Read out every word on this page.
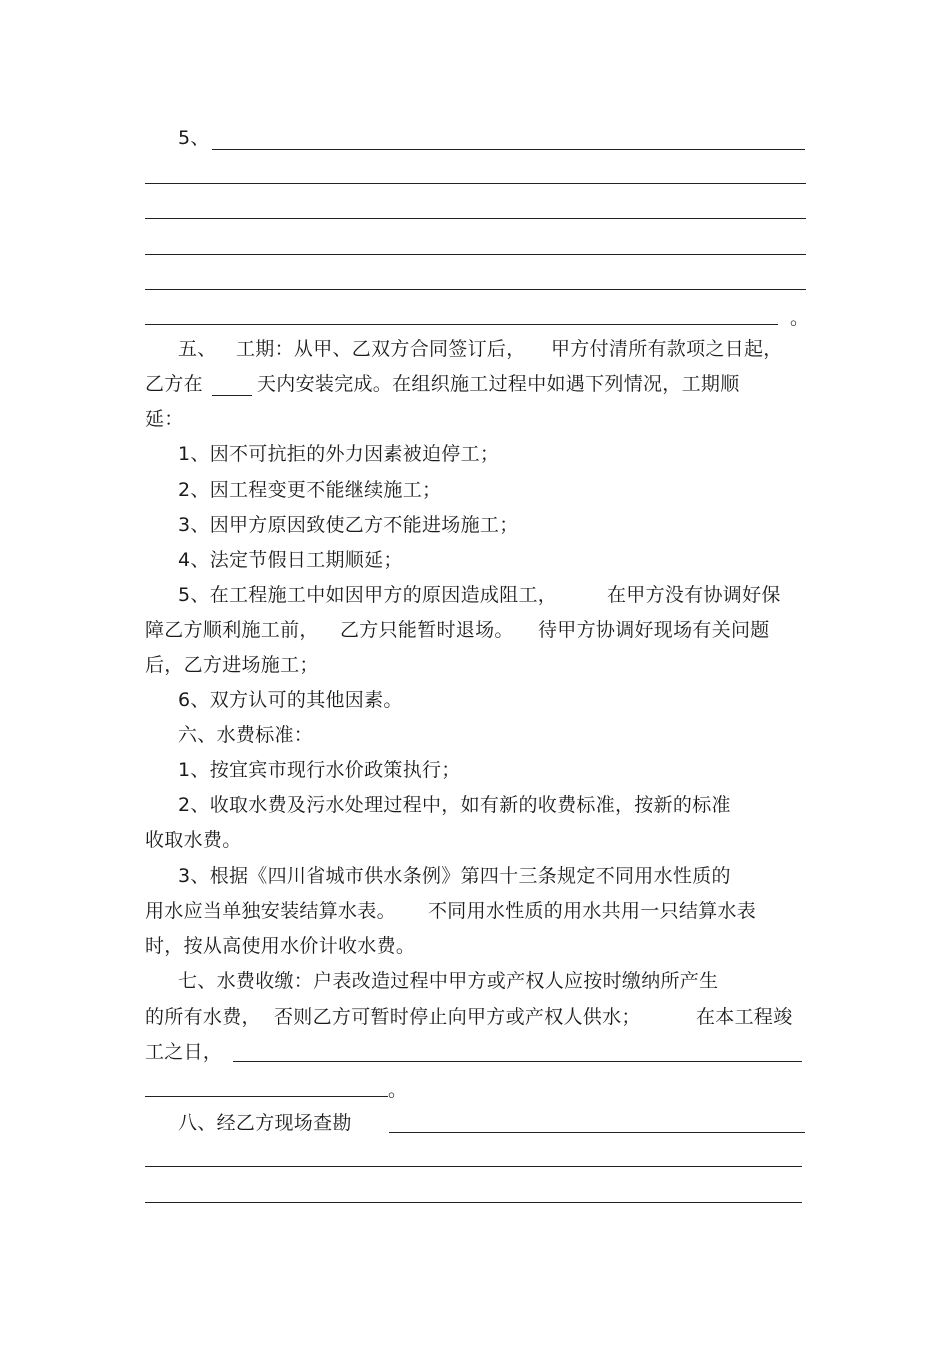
5、
。
五、 工期：从甲、乙双方合同签订后， 甲方付清所有款项之日起，
乙方在	天内安装完成。在组织施工过程中如遇下列情况，工期顺
延：
1、因不可抗拒的外力因素被迫停工；
2、因工程变更不能继续施工；
3、因甲方原因致使乙方不能进场施工；
4、法定节假日工期顺延；
5、在工程施工中如因甲方的原因造成阻工，	在甲方没有协调好保
障乙方顺利施工前， 乙方只能暂时退场。 待甲方协调好现场有关问题
后，乙方进场施工；
6、双方认可的其他因素。
六、水费标准：
1、按宜宾市现行水价政策执行；
2、收取水费及污水处理过程中，如有新的收费标准，按新的标准
收取水费。
3、根据《四川省城市供水条例》第四十三条规定不同用水性质的
用水应当单独安装结算水表。 不同用水性质的用水共用一只结算水表
时，按从高使用水价计收水费。
七、水费收缴：户表改造过程中甲方或产权人应按时缴纳所产生
的所有水费， 否则乙方可暂时停止向甲方或产权人供水；	在本工程竣
工之日，
。
八、经乙方现场查勘
